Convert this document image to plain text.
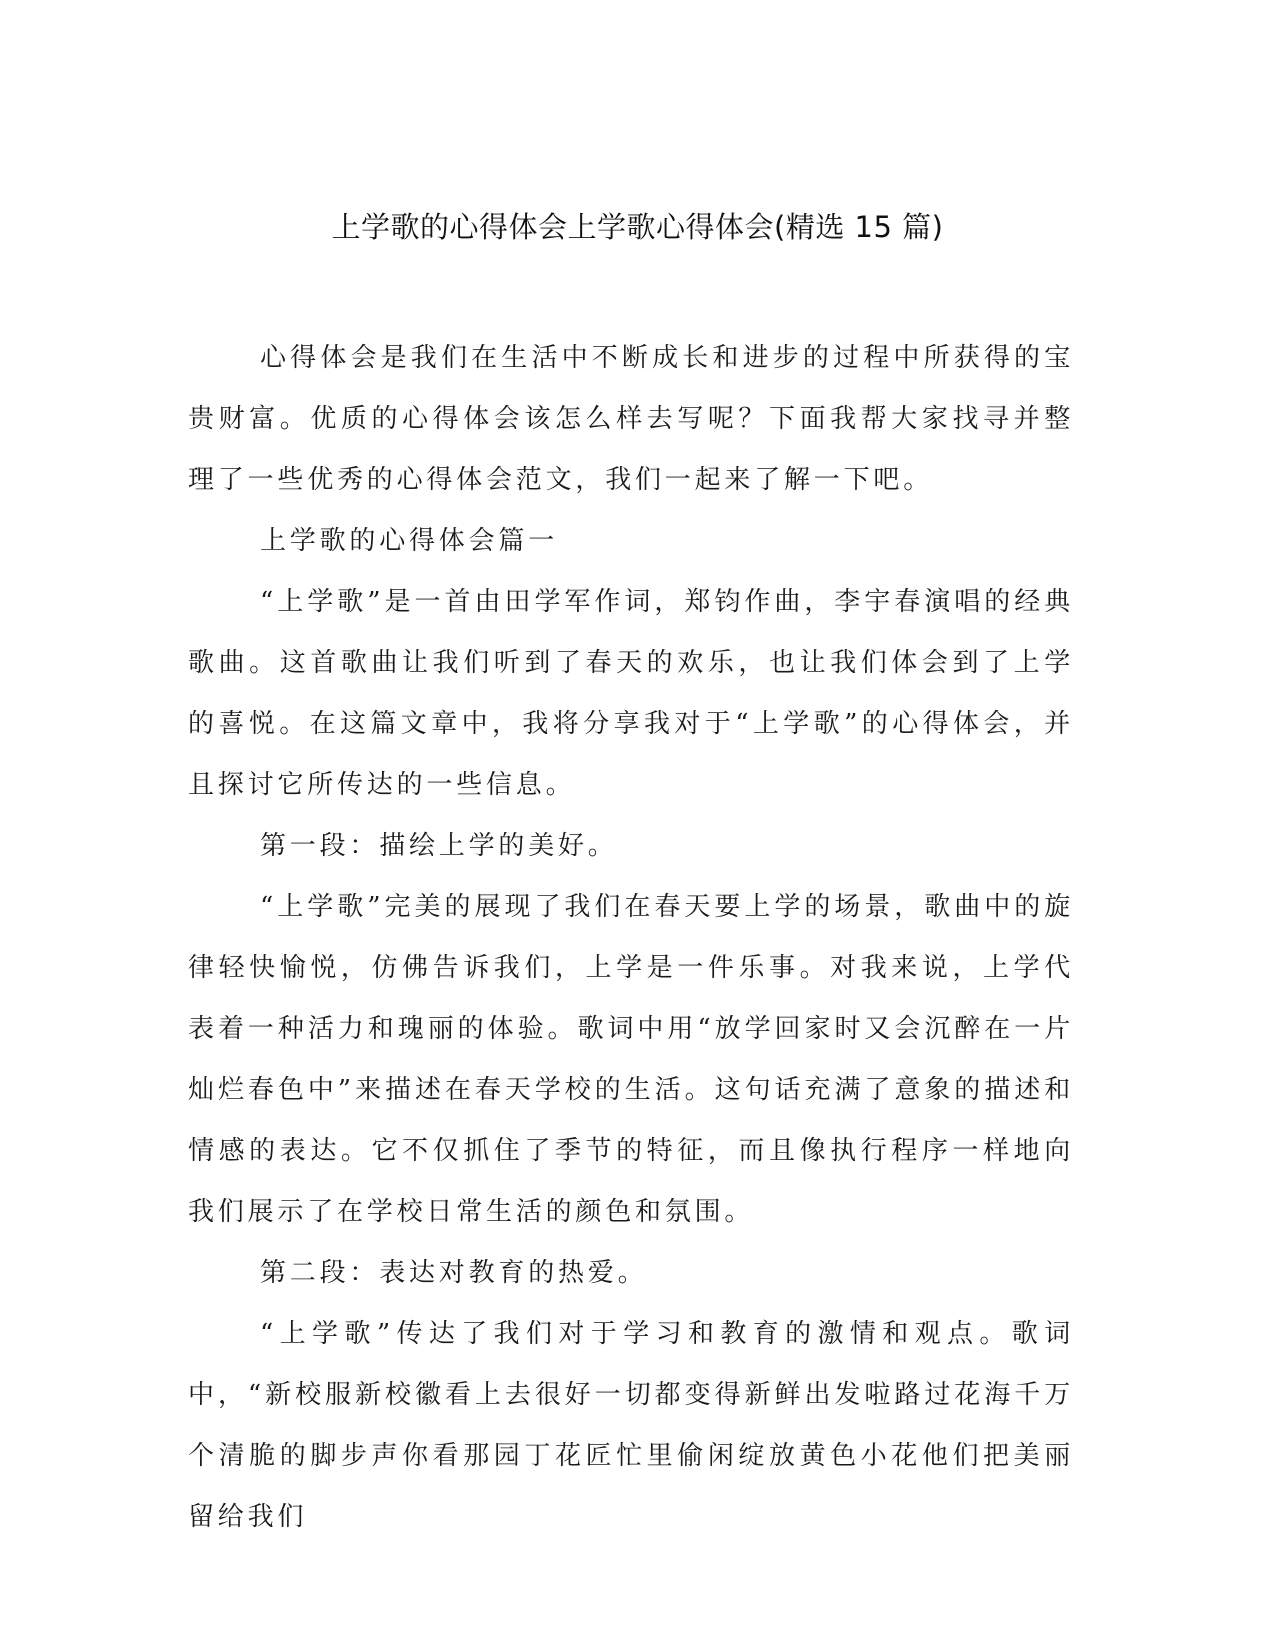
上学歌的心得体会上学歌心得体会(精选 15 篇)

心得体会是我们在生活中不断成长和进步的过程中所获得的宝贵财富。优质的心得体会该怎么样去写呢？下面我帮大家找寻并整理了一些优秀的心得体会范文，我们一起来了解一下吧。

上学歌的心得体会篇一

“上学歌”是一首由田学军作词，郑钧作曲，李宇春演唱的经典歌曲。这首歌曲让我们听到了春天的欢乐，也让我们体会到了上学的喜悦。在这篇文章中，我将分享我对于“上学歌”的心得体会，并且探讨它所传达的一些信息。

第一段：描绘上学的美好。

“上学歌”完美的展现了我们在春天要上学的场景，歌曲中的旋律轻快愉悦，仿佛告诉我们，上学是一件乐事。对我来说，上学代表着一种活力和瑰丽的体验。歌词中用“放学回家时又会沉醉在一片灿烂春色中”来描述在春天学校的生活。这句话充满了意象的描述和情感的表达。它不仅抓住了季节的特征，而且像执行程序一样地向我们展示了在学校日常生活的颜色和氛围。

第二段：表达对教育的热爱。

“上学歌”传达了我们对于学习和教育的激情和观点。歌词中，“新校服新校徽看上去很好一切都变得新鲜出发啦路过花海千万个清脆的脚步声你看那园丁花匠忙里偷闲绽放黄色小花他们把美丽留给我们
